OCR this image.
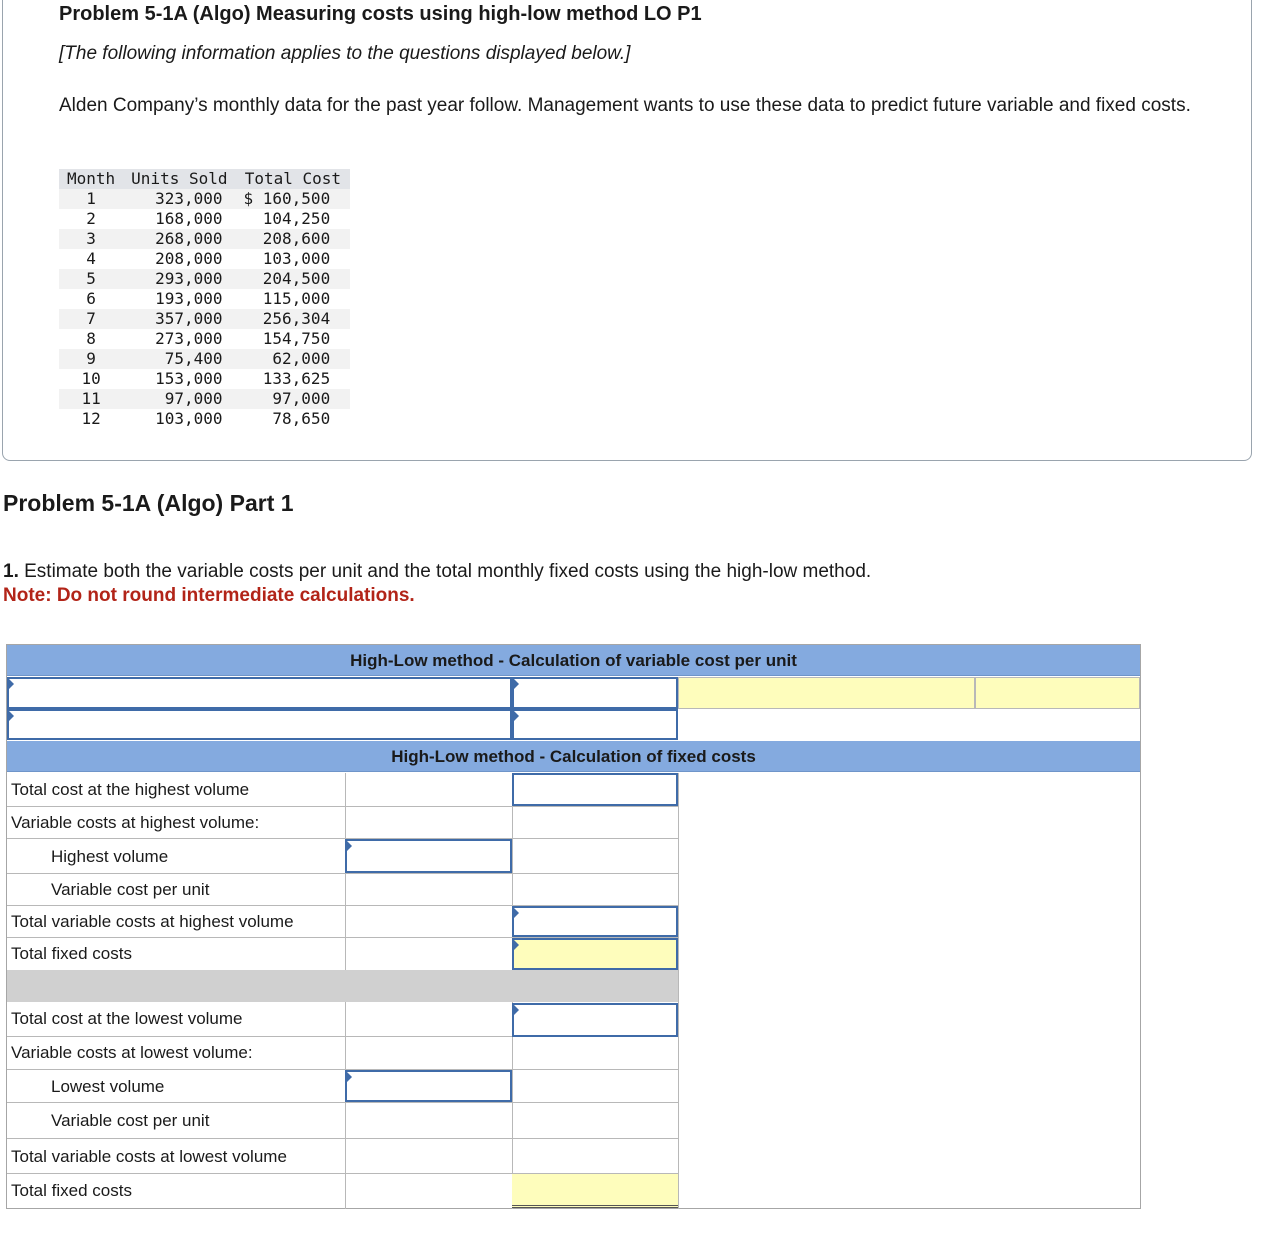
Problem 5-1A (Algo) Measuring costs using high-low method LO P1
[The following information applies to the questions displayed below.]
Alden Company’s monthly data for the past year follow. Management wants to use these data to predict future variable and fixed costs.
Month	Units Sold	Total Cost
1	323,000	$ 160,500
2	168,000	104,250
3	268,000	208,600
4	208,000	103,000
5	293,000	204,500
6	193,000	115,000
7	357,000	256,304
8	273,000	154,750
9	75,400	62,000
10	153,000	133,625
11	97,000	97,000
12	103,000	78,650
Problem 5-1A (Algo) Part 1
1. Estimate both the variable costs per unit and the total monthly fixed costs using the high-low method.
Note: Do not round intermediate calculations.
High-Low method - Calculation of variable cost per unit
High-Low method - Calculation of fixed costs
Total cost at the highest volume
Variable costs at highest volume:
Highest volume
Variable cost per unit
Total variable costs at highest volume
Total fixed costs
Total cost at the lowest volume
Variable costs at lowest volume:
Lowest volume
Variable cost per unit
Total variable costs at lowest volume
Total fixed costs
